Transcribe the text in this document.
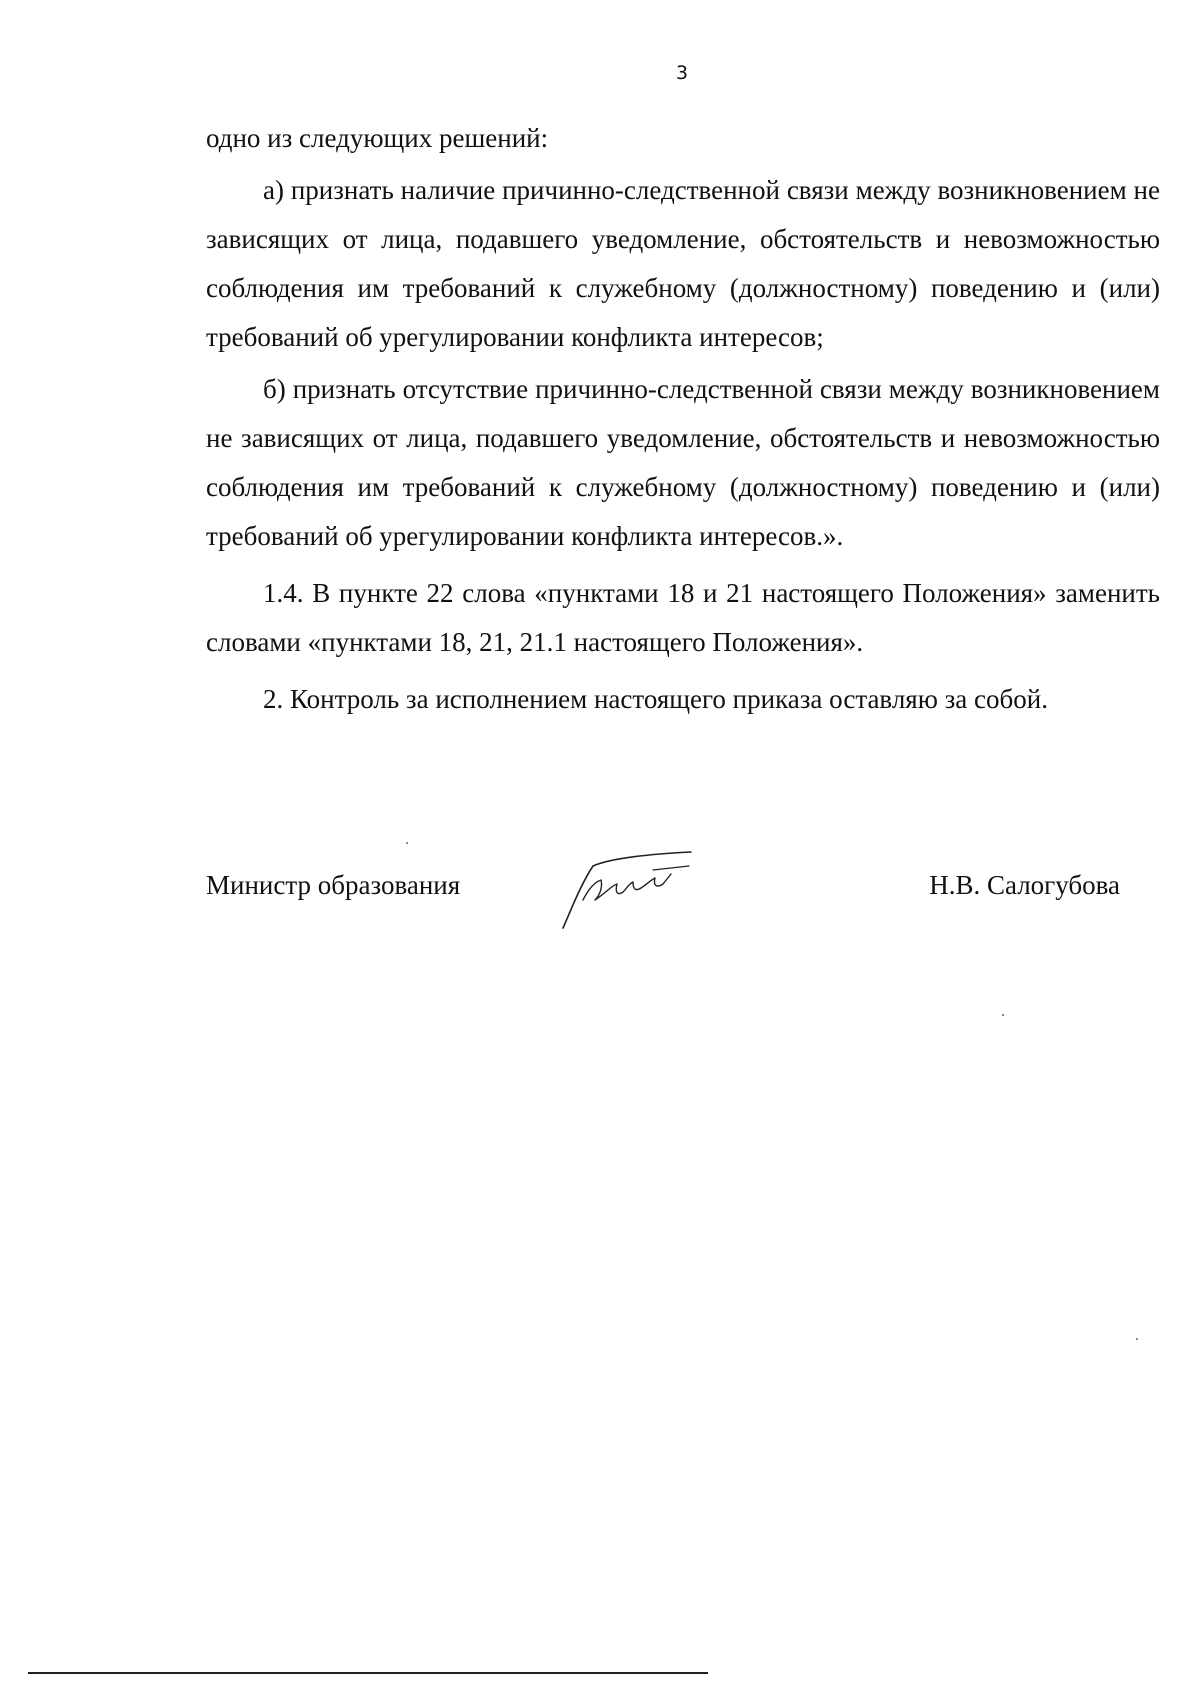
3

одно из следующих решений:

а) признать наличие причинно-следственной связи между возникновением не зависящих от лица, подавшего уведомление, обстоятельств и невозможностью соблюдения им требований к служебному (должностному) поведению и (или) требований об урегулировании конфликта интересов;

б) признать отсутствие причинно-следственной связи между возникновением не зависящих от лица, подавшего уведомление, обстоятельств и невозможностью соблюдения им требований к служебному (должностному) поведению и (или) требований об урегулировании конфликта интересов.».

1.4. В пункте 22 слова «пунктами 18 и 21 настоящего Положения» заменить словами «пунктами 18, 21, 21.1 настоящего Положения».

2. Контроль за исполнением настоящего приказа оставляю за собой.

Министр образования	Н.В. Салогубова
